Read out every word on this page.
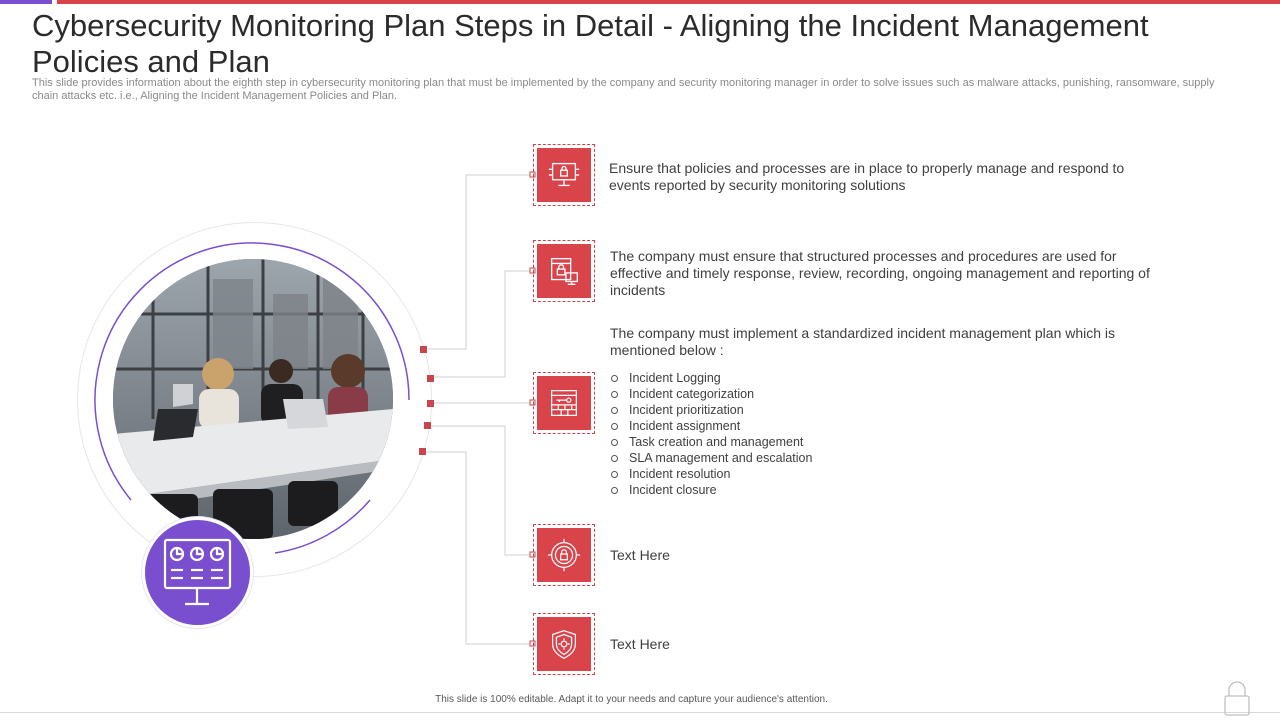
Cybersecurity Monitoring Plan Steps in Detail - Aligning the Incident Management Policies and Plan

This slide provides information about the eighth step in cybersecurity monitoring plan that must be implemented by the company and security monitoring manager in order to solve issues such as malware attacks, punishing, ransomware, supply chain attacks etc. i.e., Aligning the Incident Management Policies and Plan.

Ensure that policies and processes are in place to properly manage and respond to events reported by security monitoring solutions

The company must ensure that structured processes and procedures are used for effective and timely response, review, recording, ongoing management and reporting of incidents

The company must implement a standardized incident management plan which is mentioned below :

Incident Logging
Incident categorization
Incident prioritization
Incident assignment
Task creation and management
SLA management and escalation
Incident resolution
Incident closure

Text Here

Text Here

This slide is 100% editable. Adapt it to your needs and capture your audience's attention.
